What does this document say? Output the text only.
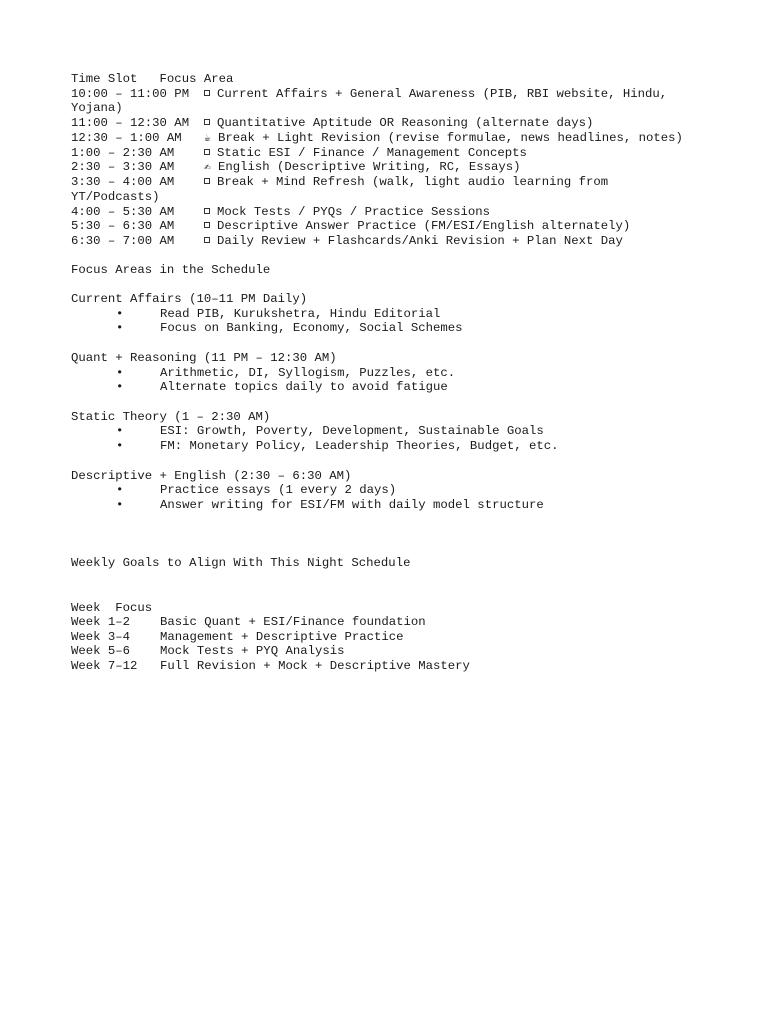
Time Slot   Focus Area
10:00 – 11:00 PM Current Affairs + General Awareness (PIB, RBI website, Hindu,
Yojana)
11:00 – 12:30 AM Quantitative Aptitude OR Reasoning (alternate days)
12:30 – 1:00 AM ☕ Break + Light Revision (revise formulae, news headlines, notes)
1:00 – 2:30 AM	Static ESI / Finance / Management Concepts
2:30 – 3:30 AM	✍ English (Descriptive Writing, RC, Essays)
3:30 – 4:00 AM	Break + Mind Refresh (walk, light audio learning from
YT/Podcasts)
4:00 – 5:30 AM	Mock Tests / PYQs / Practice Sessions
5:30 – 6:30 AM	Descriptive Answer Practice (FM/ESI/English alternately)
6:30 – 7:00 AM	Daily Review + Flashcards/Anki Revision + Plan Next Day
Focus Areas in the Schedule
Current Affairs (10–11 PM Daily)
•	Read PIB, Kurukshetra, Hindu Editorial
•	Focus on Banking, Economy, Social Schemes
Quant + Reasoning (11 PM – 12:30 AM)
•	Arithmetic, DI, Syllogism, Puzzles, etc.
•	Alternate topics daily to avoid fatigue
Static Theory (1 – 2:30 AM)
•	ESI: Growth, Poverty, Development, Sustainable Goals
•	FM: Monetary Policy, Leadership Theories, Budget, etc.
Descriptive + English (2:30 – 6:30 AM)
•	Practice essays (1 every 2 days)
•	Answer writing for ESI/FM with daily model structure
Weekly Goals to Align With This Night Schedule
Week  Focus
Week 1–2 Basic Quant + ESI/Finance foundation
Week 3–4 Management + Descriptive Practice
Week 5–6 Mock Tests + PYQ Analysis
Week 7–12 Full Revision + Mock + Descriptive Mastery
